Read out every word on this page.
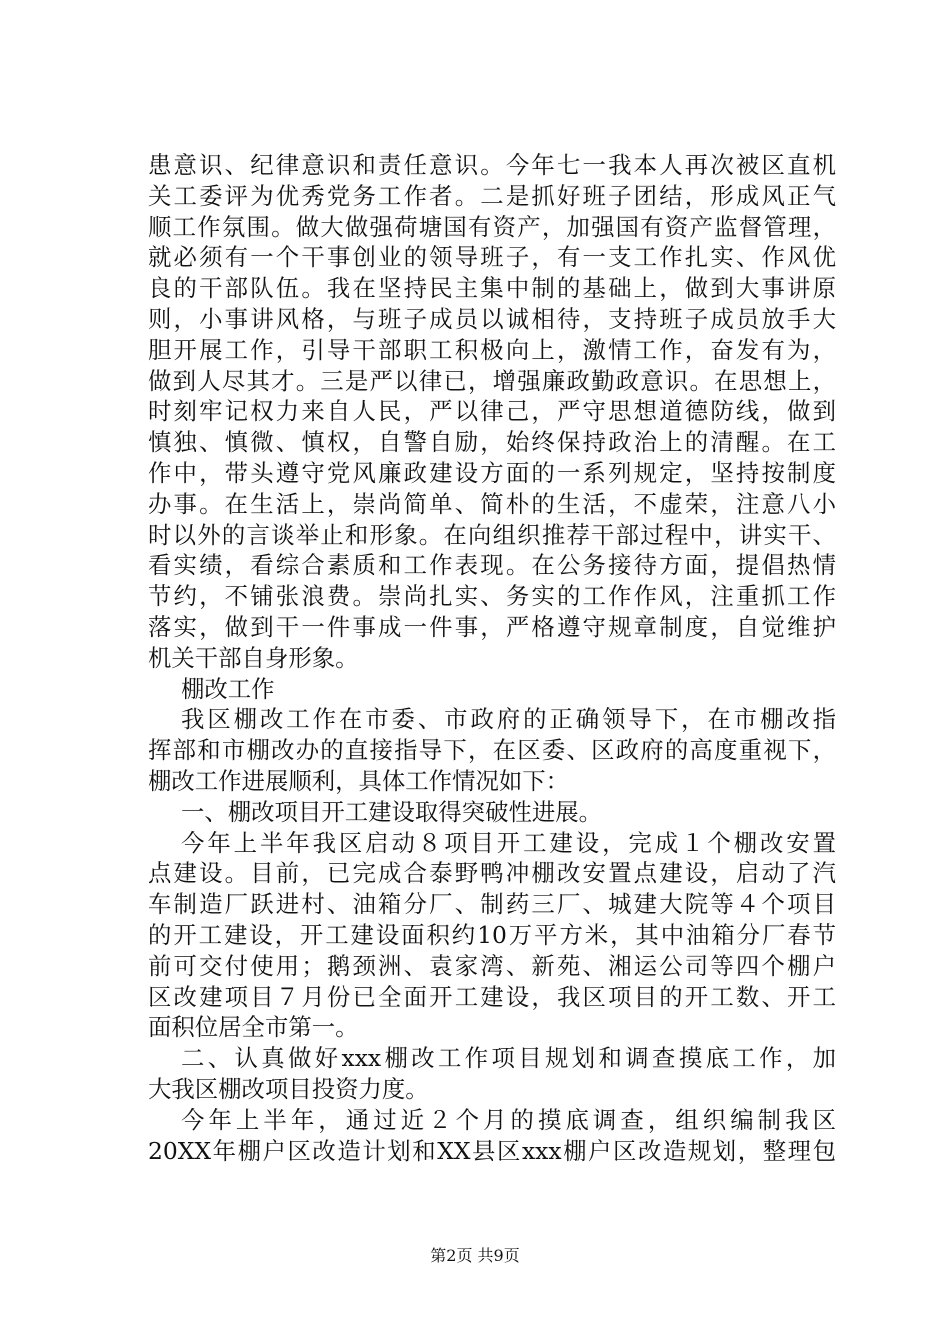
患意识、纪律意识和责任意识。今年七一我本人再次被区直机
关工委评为优秀党务工作者。二是抓好班子团结，形成风正气
顺工作氛围。做大做强荷塘国有资产，加强国有资产监督管理，
就必须有一个干事创业的领导班子，有一支工作扎实、作风优
良的干部队伍。我在坚持民主集中制的基础上，做到大事讲原
则，小事讲风格，与班子成员以诚相待，支持班子成员放手大
胆开展工作，引导干部职工积极向上，激情工作，奋发有为，
做到人尽其才。三是严以律已，增强廉政勤政意识。在思想上，
时刻牢记权力来自人民，严以律己，严守思想道德防线，做到
慎独、慎微、慎权，自警自励，始终保持政治上的清醒。在工
作中，带头遵守党风廉政建设方面的一系列规定，坚持按制度
办事。在生活上，崇尚简单、简朴的生活，不虚荣，注意八小
时以外的言谈举止和形象。在向组织推荐干部过程中，讲实干、
看实绩，看综合素质和工作表现。在公务接待方面，提倡热情
节约，不铺张浪费。崇尚扎实、务实的工作作风，注重抓工作
落实，做到干一件事成一件事，严格遵守规章制度，自觉维护
机关干部自身形象。
棚改工作
我区棚改工作在市委、市政府的正确领导下，在市棚改指
挥部和市棚改办的直接指导下，在区委、区政府的高度重视下，
棚改工作进展顺利，具体工作情况如下：
一、棚改项目开工建设取得突破性进展。
今年上半年我区启动８项目开工建设，完成１个棚改安置
点建设。目前，已完成合泰野鸭冲棚改安置点建设，启动了汽
车制造厂跃进村、油箱分厂、制药三厂、城建大院等４个项目
的开工建设，开工建设面积约10万平方米，其中油箱分厂春节
前可交付使用；鹅颈洲、袁家湾、新苑、湘运公司等四个棚户
区改建项目７月份已全面开工建设，我区项目的开工数、开工
面积位居全市第一。
二、认真做好xxx棚改工作项目规划和调查摸底工作，加
大我区棚改项目投资力度。
今年上半年，通过近２个月的摸底调查，组织编制我区
20XX年棚户区改造计划和XX县区xxx棚户区改造规划，整理包
第2页 共9页
